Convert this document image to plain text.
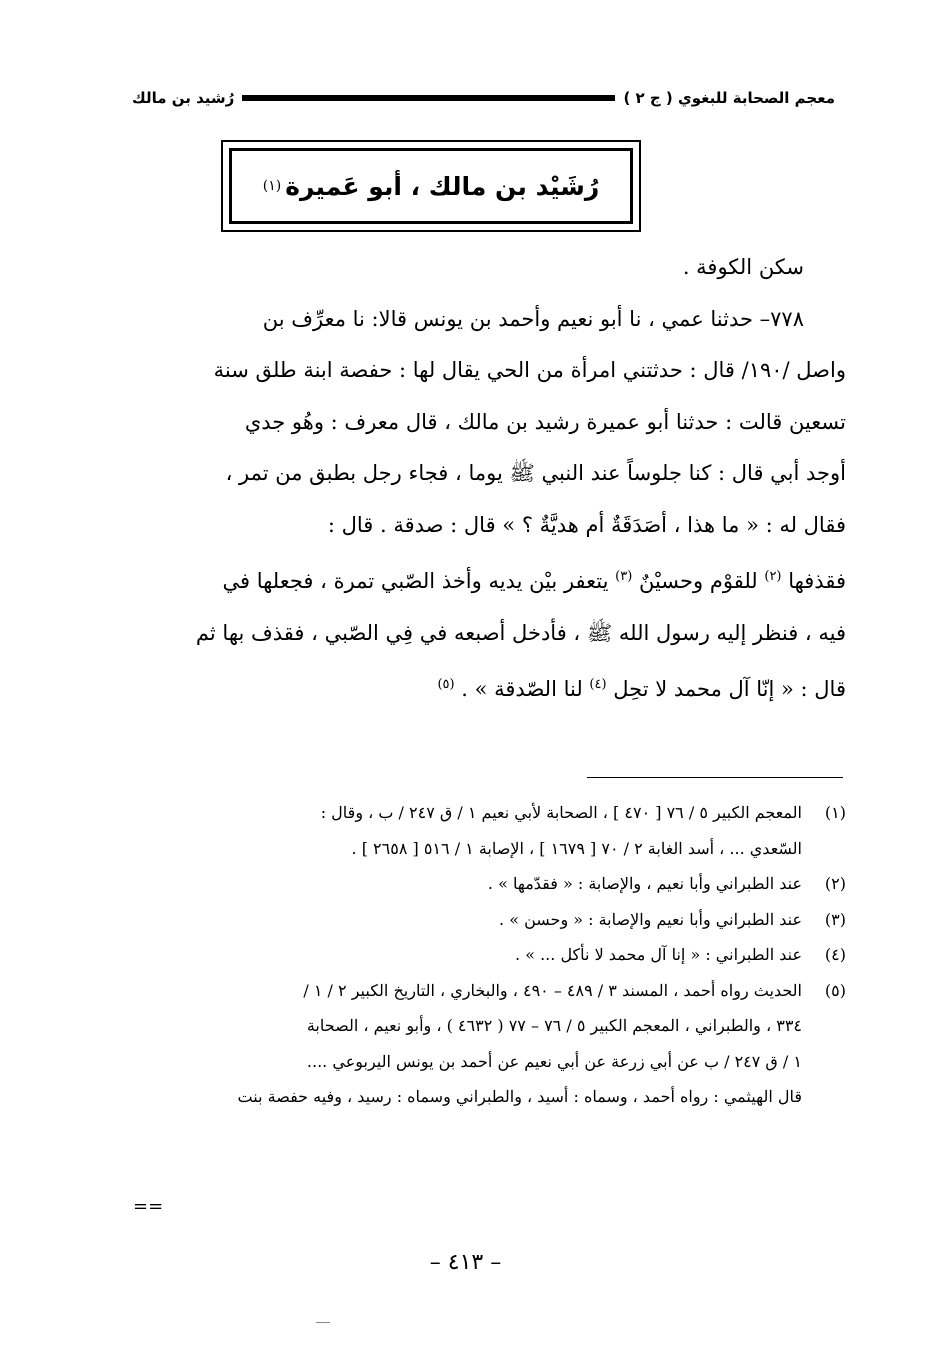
معجم الصحابة للبغوي ( ج ٢ )
رُشيد بن مالك
رُشَيْد بن مالك ، أبو عَميرة
(١)

سكن الكوفة .

٧٧٨– حدثنا عمي ، نا أبو نعيم وأحمد بن يونس قالا: نا معرِّف بن

واصل /١٩٠/ قال : حدثتني امرأة من الحي يقال لها : حفصة ابنة طلق سنة

تسعين قالت : حدثنا أبو عميرة رشيد بن مالك ، قال معرف : وهُو جدي

أوجد أبي قال : كنا جلوساً عند النبي ﷺ يوما ، فجاء رجل بطبق من تمر ،

فقال له : « ما هذا ، أصَدَقَةٌ أم هديَّةٌ ؟ » قال : صدقة . قال :

فقذفها $^{(٢)}$ للقوْم وحسيْنٌ $^{(٣)}$ يتعفر بيْن يديه وأخذ الصّبي تمرة ، فجعلها في

فيه ، فنظر إليه رسول الله ﷺ ، فأدخل أصبعه في فِي الصّبي ، فقذف بها ثم

قال : « إنّا آل محمد لا تحِل $^{(٤)}$ لنا الصّدقة » . $^{(٥)}$

(١)
المعجم الكبير ٥ / ٧٦ [ ٤٧٠ ] ، الصحابة لأبي نعيم ١ / ق ٢٤٧ / ب ، وقال :
السّعدي ... ، أسد الغابة ٢ / ٧٠ [ ١٦٧٩ ] ، الإصابة ١ / ٥١٦ [ ٢٦٥٨ ] .
(٢)
عند الطبراني وأبا نعيم ، والإصابة : « فقدّمها » .
(٣)
عند الطبراني وأبا نعيم والإصابة : « وحسن » .
(٤)
عند الطبراني : « إنا آل محمد لا نأكل ... » .
(٥)
الحديث رواه أحمد ، المسند ٣ / ٤٨٩ – ٤٩٠ ، والبخاري ، التاريخ الكبير ٢ / ١ /
٣٣٤ ، والطبراني ، المعجم الكبير ٥ / ٧٦ – ٧٧ ( ٤٦٣٢ ) ، وأبو نعيم ، الصحابة
١ / ق ٢٤٧ / ب عن أبي زرعة عن أبي نعيم عن أحمد بن يونس اليربوعي ....
قال الهيثمي : رواه أحمد ، وسماه : أسيد ، والطبراني وسماه : رسيد ، وفيه حفصة بنت
==
– ٤١٣ –
